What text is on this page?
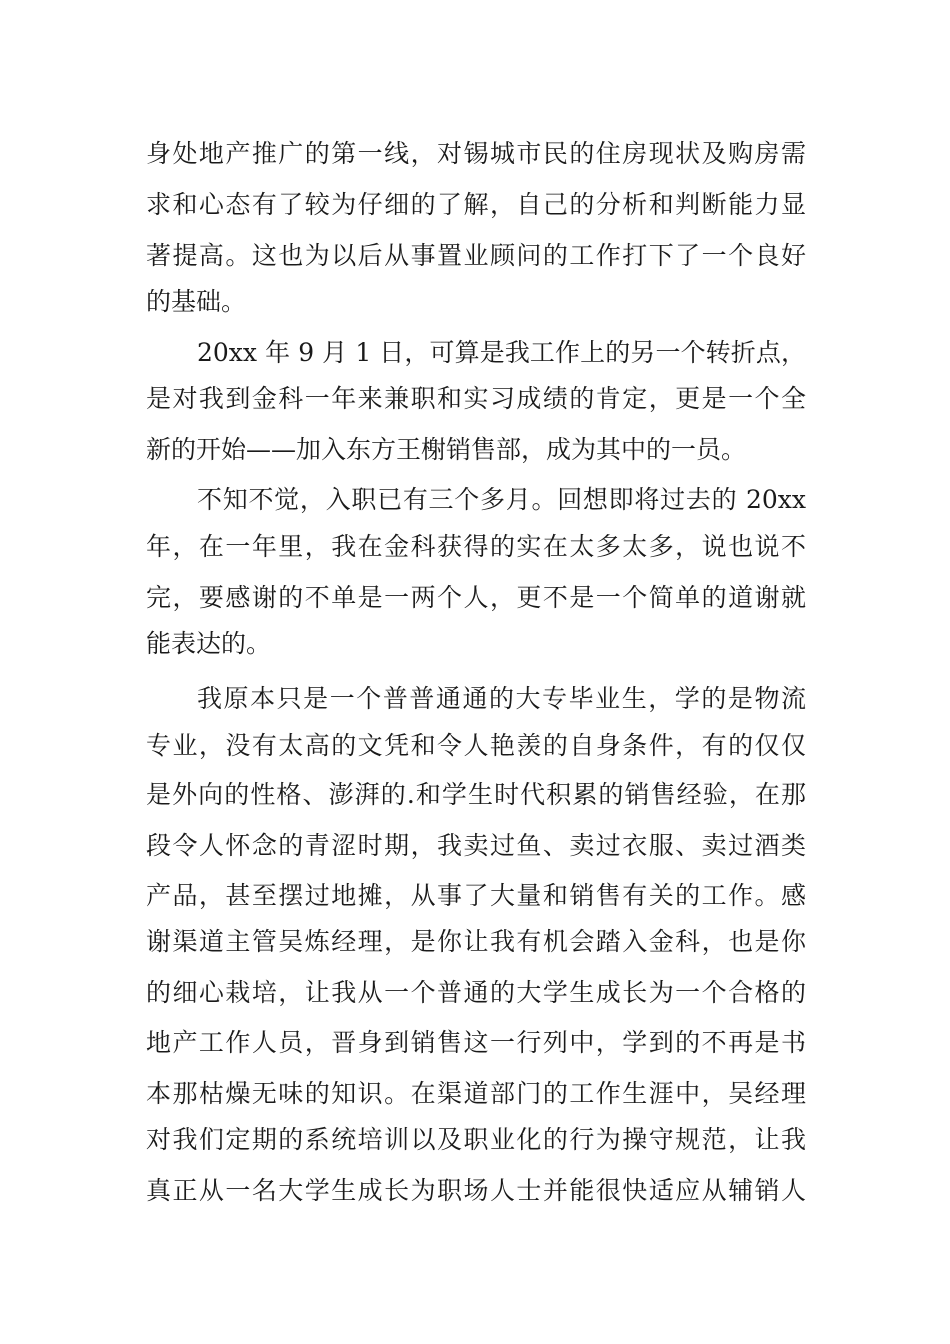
身处地产推广的第一线，对锡城市民的住房现状及购房需
求和心态有了较为仔细的了解，自己的分析和判断能力显
著提高。这也为以后从事置业顾问的工作打下了一个良好
的基础。
20xx 年 9 月 1 日，可算是我工作上的另一个转折点，
是对我到金科一年来兼职和实习成绩的肯定，更是一个全
新的开始——加入东方王榭销售部，成为其中的一员。
不知不觉，入职已有三个多月。回想即将过去的 20xx
年，在一年里，我在金科获得的实在太多太多，说也说不
完，要感谢的不单是一两个人，更不是一个简单的道谢就
能表达的。
我原本只是一个普普通通的大专毕业生，学的是物流
专业，没有太高的文凭和令人艳羡的自身条件，有的仅仅
是外向的性格、澎湃的.和学生时代积累的销售经验，在那
段令人怀念的青涩时期，我卖过鱼、卖过衣服、卖过酒类
产品，甚至摆过地摊，从事了大量和销售有关的工作。感
谢渠道主管吴炼经理，是你让我有机会踏入金科，也是你
的细心栽培，让我从一个普通的大学生成长为一个合格的
地产工作人员，晋身到销售这一行列中，学到的不再是书
本那枯燥无味的知识。在渠道部门的工作生涯中，吴经理
对我们定期的系统培训以及职业化的行为操守规范，让我
真正从一名大学生成长为职场人士并能很快适应从辅销人
